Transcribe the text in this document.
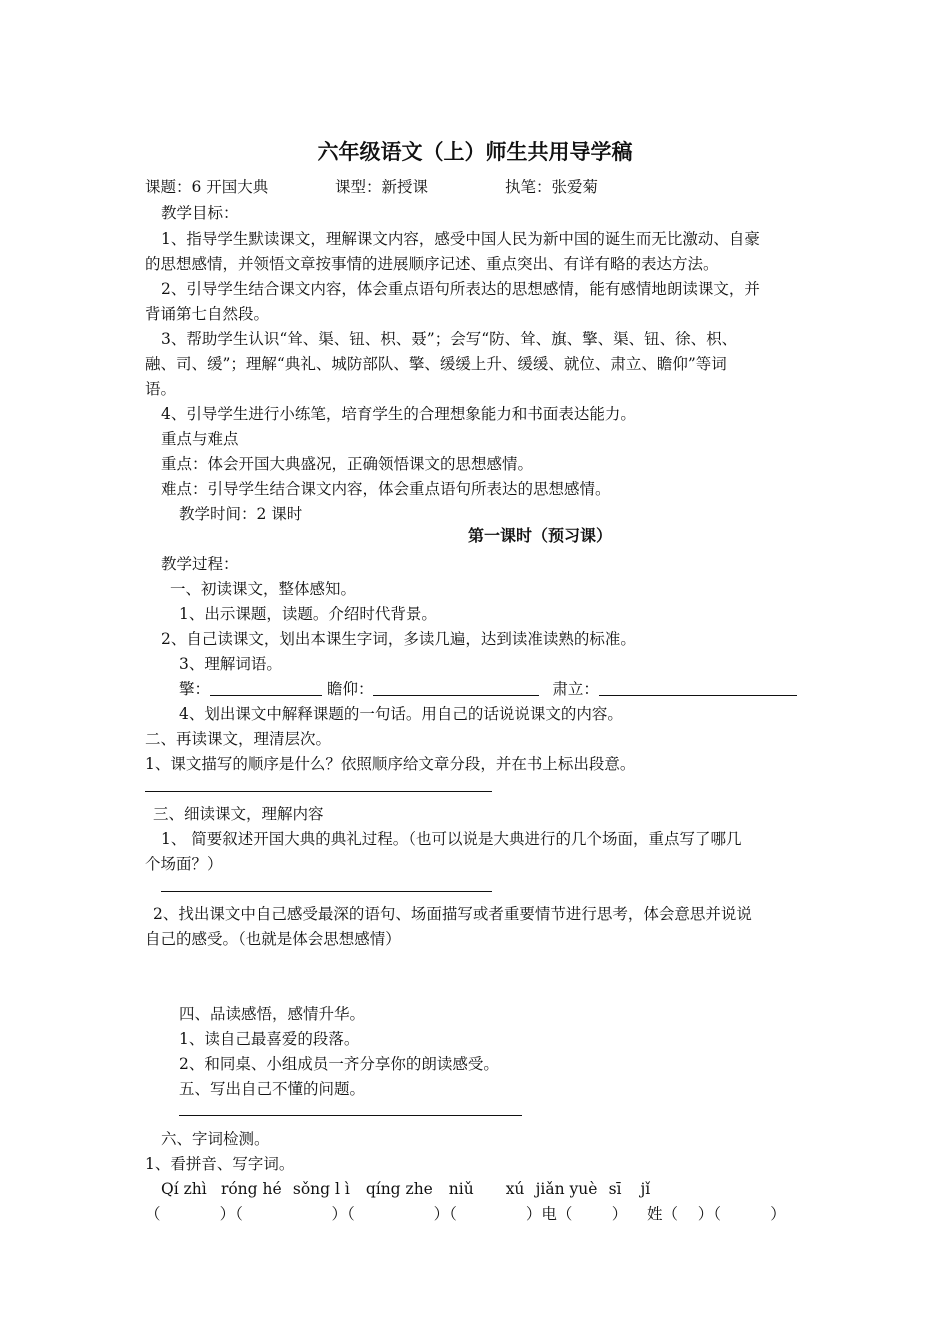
六年级语文（上）师生共用导学稿
课题：6 开国大典	课型：新授课	执笔：张爱菊
教学目标：
1、指导学生默读课文，理解课文内容，感受中国人民为新中国的诞生而无比激动、自豪
的思想感情，并领悟文章按事情的进展顺序记述、重点突出、有详有略的表达方法。
2、引导学生结合课文内容，体会重点语句所表达的思想感情，能有感情地朗读课文，并
背诵第七自然段。
3、帮助学生认识“耸、渠、钮、枳、聂”；会写“防、耸、旗、擎、渠、钮、徐、枳、
融、司、缓”；理解“典礼、城防部队、擎、缓缓上升、缓缓、就位、肃立、瞻仰”等词
语。
4、引导学生进行小练笔，培育学生的合理想象能力和书面表达能力。
重点与难点
重点：体会开国大典盛况，正确领悟课文的思想感情。
难点：引导学生结合课文内容，体会重点语句所表达的思想感情。
教学时间：2 课时
第一课时（预习课）
教学过程：
一、初读课文，整体感知。
1、出示课题，读题。介绍时代背景。
2、自己读课文，划出本课生字词，多读几遍，达到读准读熟的标准。
3、理解词语。
擎：	瞻仰：	肃立：
4、划出课文中解释课题的一句话。用自己的话说说课文的内容。
二、再读课文，理清层次。
1、课文描写的顺序是什么？依照顺序给文章分段，并在书上标出段意。
三、细读课文，理解内容
1、 简要叙述开国大典的典礼过程。（也可以说是大典进行的几个场面，重点写了哪几
个场面？）
2、找出课文中自己感受最深的语句、场面描写或者重要情节进行思考，体会意思并说说
自己的感受。（也就是体会思想感情）
四、品读感悟，感情升华。
1、读自己最喜爱的段落。
2、和同桌、小组成员一齐分享你的朗读感受。
五、写出自己不懂的问题。
六、字词检测。
1、看拼音、写字词。
Qí zhì róng hé sǒng l ì qíng zhe niǔ xú jiǎn yuè sī jǐ
（            ）（                  ）（                ）（              ）电（        ）    姓（    ）（          ）
